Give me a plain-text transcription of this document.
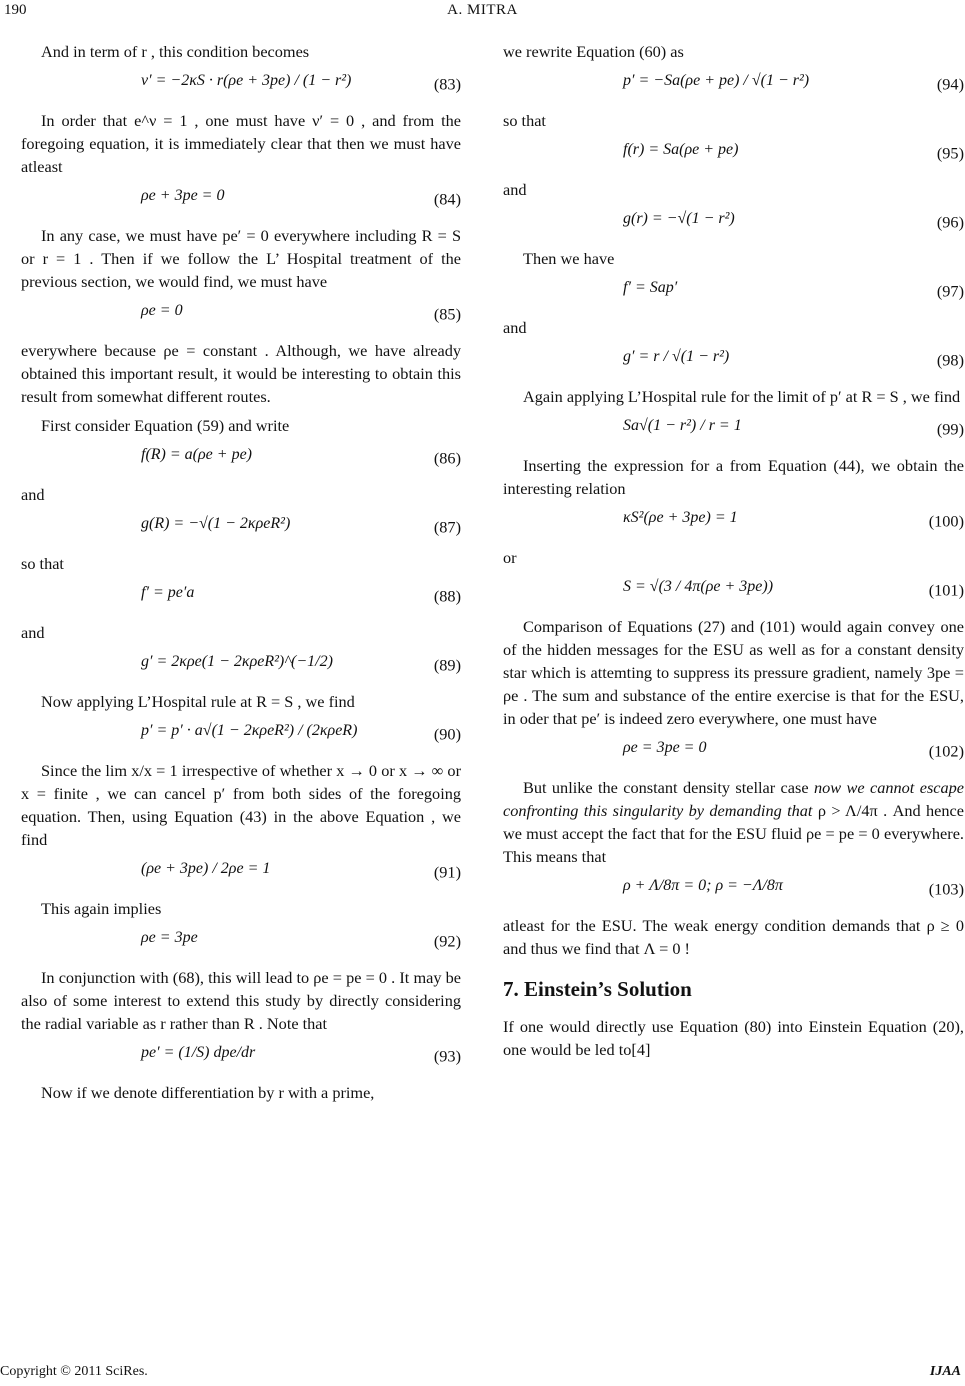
190	A. MITRA

And in term of r , this condition becomes

ν′ = −2κS · r(ρe + 3pe) / (1 − r²)	(83)

In order that e^ν = 1 , one must have ν′ = 0 , and from the foregoing equation, it is immediately clear that then we must have atleast

ρe + 3pe = 0	(84)

In any case, we must have pe′ = 0 everywhere including R = S or r = 1 . Then if we follow the L’ Hospital treatment of the previous section, we would find, we must have

ρe = 0	(85)

everywhere because ρe = constant . Although, we have already obtained this important result, it would be interesting to obtain this result from somewhat different routes.

First consider Equation (59) and write

f(R) = a(ρe + pe)	(86)

and

g(R) = −√(1 − 2κρeR²)	(87)

so that

f′ = pe′a	(88)

and

g′ = 2κρe(1 − 2κρeR²)^(−1/2)	(89)

Now applying L’Hospital rule at R = S , we find

p′ = p′ · a√(1 − 2κρeR²) / (2κρeR)	(90)

Since the lim x/x = 1 irrespective of whether x → 0 or x → ∞ or x = finite , we can cancel p′ from both sides of the foregoing equation. Then, using Equation (43) in the above Equation , we find

(ρe + 3pe) / 2ρe = 1	(91)

This again implies

ρe = 3pe	(92)

In conjunction with (68), this will lead to ρe = pe = 0 . It may be also of some interest to extend this study by directly considering the radial variable as r rather than R . Note that

pe′ = (1/S) dpe/dr	(93)

Now if we denote differentiation by r with a prime,

we rewrite Equation (60) as

p′ = −Sa(ρe + pe) / √(1 − r²)	(94)

so that

f(r) = Sa(ρe + pe)	(95)

and

g(r) = −√(1 − r²)	(96)

Then we have

f′ = Sap′	(97)

and

g′ = r / √(1 − r²)	(98)

Again applying L’Hospital rule for the limit of p′ at R = S , we find

Sa√(1 − r²) / r = 1	(99)

Inserting the expression for a from Equation (44), we obtain the interesting relation

κS²(ρe + 3pe) = 1	(100)

or

S = √(3 / 4π(ρe + 3pe))	(101)

Comparison of Equations (27) and (101) would again convey one of the hidden messages for the ESU as well as for a constant density star which is attemting to suppress its pressure gradient, namely 3pe = ρe . The sum and substance of the entire exercise is that for the ESU, in oder that pe′ is indeed zero everywhere, one must have

ρe = 3pe = 0	(102)

But unlike the constant density stellar case now we cannot escape confronting this singularity by demanding that ρ > Λ/4π . And hence we must accept the fact that for the ESU fluid ρe = pe = 0 everywhere. This means that

ρ + Λ/8π = 0; ρ = −Λ/8π	(103)

atleast for the ESU. The weak energy condition demands that ρ ≥ 0 and thus we find that Λ = 0 !

7. Einstein’s Solution

If one would directly use Equation (80) into Einstein Equation (20), one would be led to[4]

Copyright © 2011 SciRes.	IJAA
